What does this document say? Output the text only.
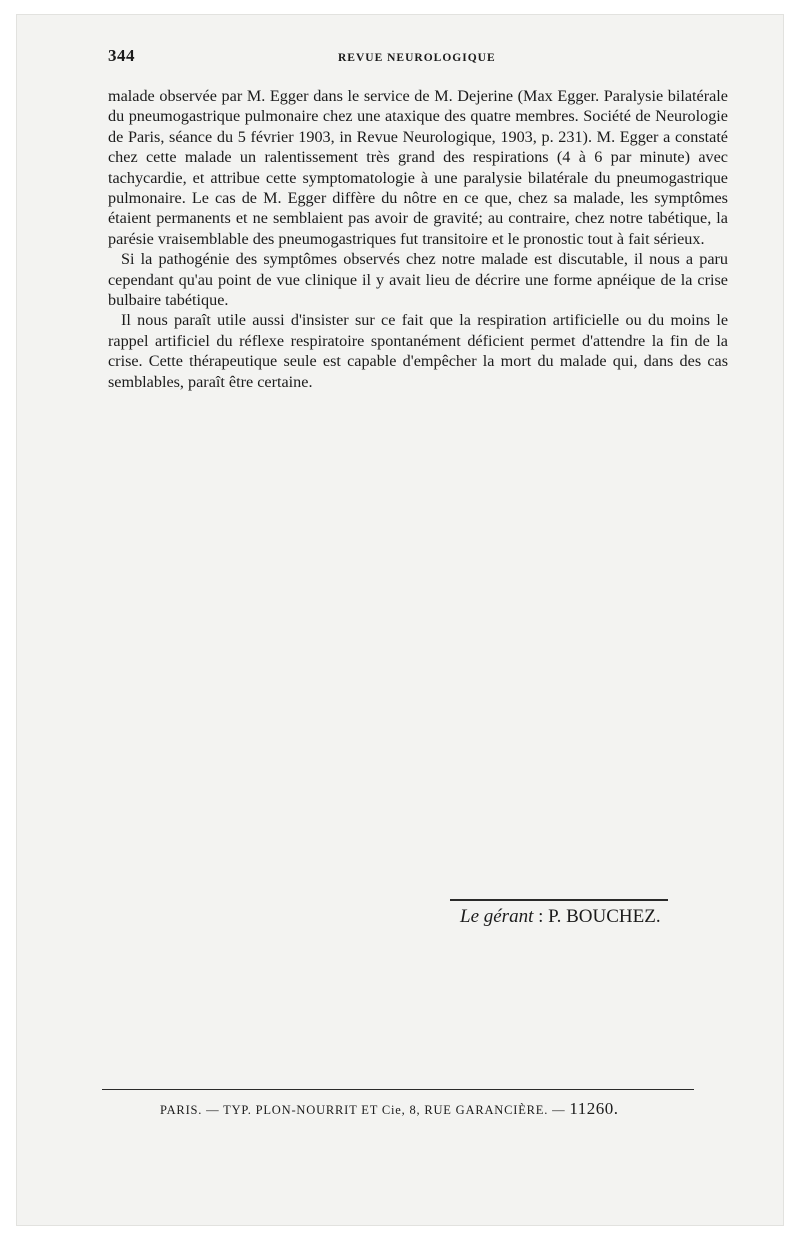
344	REVUE NEUROLOGIQUE

malade observée par M. Egger dans le service de M. Dejerine (Max Egger. Paralysie bilatérale du pneumogastrique pulmonaire chez une ataxique des quatre membres. Société de Neurologie de Paris, séance du 5 février 1903, in Revue Neurologique, 1903, p. 231). M. Egger a constaté chez cette malade un ralentissement très grand des respirations (4 à 6 par minute) avec tachycardie, et attribue cette symptomatologie à une paralysie bilatérale du pneumogastrique pulmonaire. Le cas de M. Egger diffère du nôtre en ce que, chez sa malade, les symptômes étaient permanents et ne semblaient pas avoir de gravité; au contraire, chez notre tabétique, la parésie vraisemblable des pneumogastriques fut transitoire et le pronostic tout à fait sérieux.

Si la pathogénie des symptômes observés chez notre malade est discutable, il nous a paru cependant qu'au point de vue clinique il y avait lieu de décrire une forme apnéique de la crise bulbaire tabétique.

Il nous paraît utile aussi d'insister sur ce fait que la respiration artificielle ou du moins le rappel artificiel du réflexe respiratoire spontanément déficient permet d'attendre la fin de la crise. Cette thérapeutique seule est capable d'empêcher la mort du malade qui, dans des cas semblables, paraît être certaine.

Le gérant : P. BOUCHEZ.
PARIS. — TYP. PLON-NOURRIT ET Cie, 8, RUE GARANCIÈRE. — 11260.
